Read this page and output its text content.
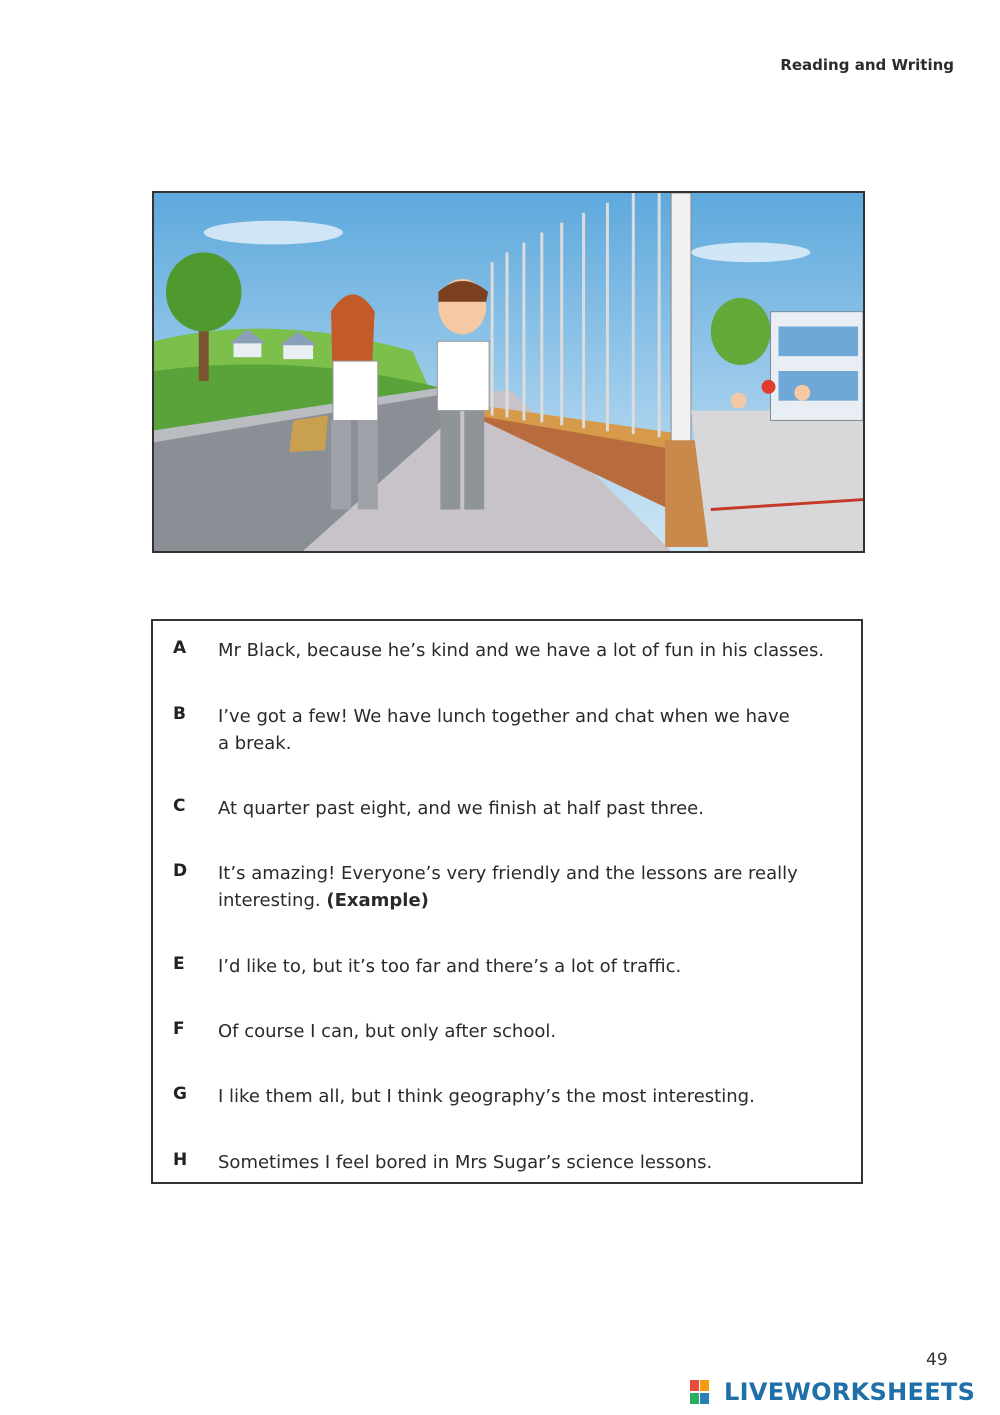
Reading and Writing
A Mr Black, because he’s kind and we have a lot of fun in his classes.
B I’ve got a few! We have lunch together and chat when we have a break.
C At quarter past eight, and we finish at half past three.
D It’s amazing! Everyone’s very friendly and the lessons are really interesting. (Example)
E I’d like to, but it’s too far and there’s a lot of traffic.
F Of course I can, but only after school.
G I like them all, but I think geography’s the most interesting.
H Sometimes I feel bored in Mrs Sugar’s science lessons.
49
LIVEWORKSHEETS
